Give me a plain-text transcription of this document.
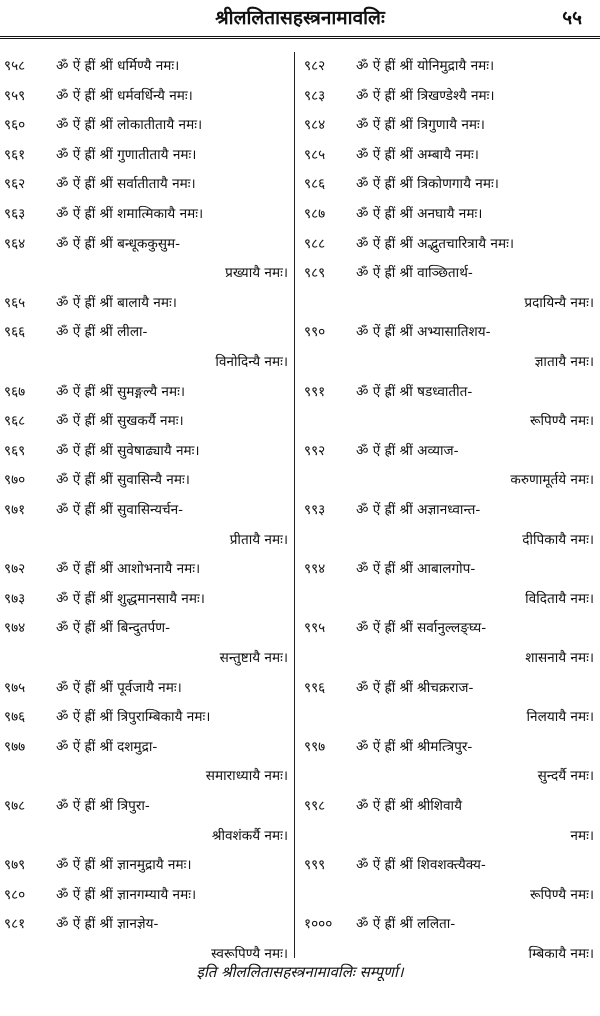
श्रीललितासहस्त्रनामावलिः	५५
९५८	ॐ ऐं ह्रीं श्रीं धर्मिण्यै नमः।
९५९	ॐ ऐं ह्रीं श्रीं धर्मवर्धिन्यै नमः।
९६०	ॐ ऐं ह्रीं श्रीं लोकातीतायै नमः।
९६१	ॐ ऐं ह्रीं श्रीं गुणातीतायै नमः।
९६२	ॐ ऐं ह्रीं श्रीं सर्वातीतायै नमः।
९६३	ॐ ऐं ह्रीं श्रीं शमात्मिकायै नमः।
९६४	ॐ ऐं ह्रीं श्रीं बन्धूककुसुम-
प्रख्यायै नमः।
९६५	ॐ ऐं ह्रीं श्रीं बालायै नमः।
९६६	ॐ ऐं ह्रीं श्रीं लीला-
विनोदिन्यै नमः।
९६७	ॐ ऐं ह्रीं श्रीं सुमङ्गल्यै नमः।
९६८	ॐ ऐं ह्रीं श्रीं सुखकर्यै नमः।
९६९	ॐ ऐं ह्रीं श्रीं सुवेषाढ्यायै नमः।
९७०	ॐ ऐं ह्रीं श्रीं सुवासिन्यै नमः।
९७१	ॐ ऐं ह्रीं श्रीं सुवासिन्यर्चन-
प्रीतायै नमः।
९७२	ॐ ऐं ह्रीं श्रीं आशोभनायै नमः।
९७३	ॐ ऐं ह्रीं श्रीं शुद्धमानसायै नमः।
९७४	ॐ ऐं ह्रीं श्रीं बिन्दुतर्पण-
सन्तुष्टायै नमः।
९७५	ॐ ऐं ह्रीं श्रीं पूर्वजायै नमः।
९७६	ॐ ऐं ह्रीं श्रीं त्रिपुराम्बिकायै नमः।
९७७	ॐ ऐं ह्रीं श्रीं दशमुद्रा-
समाराध्यायै नमः।
९७८	ॐ ऐं ह्रीं श्रीं त्रिपुरा-
श्रीवशंकर्यै नमः।
९७९	ॐ ऐं ह्रीं श्रीं ज्ञानमुद्रायै नमः।
९८०	ॐ ऐं ह्रीं श्रीं ज्ञानगम्यायै नमः।
९८१	ॐ ऐं ह्रीं श्रीं ज्ञानज्ञेय-
स्वरूपिण्यै नमः।
९८२	ॐ ऐं ह्रीं श्रीं योनिमुद्रायै नमः।
९८३	ॐ ऐं ह्रीं श्रीं त्रिखण्डेश्यै नमः।
९८४	ॐ ऐं ह्रीं श्रीं त्रिगुणायै नमः।
९८५	ॐ ऐं ह्रीं श्रीं अम्बायै नमः।
९८६	ॐ ऐं ह्रीं श्रीं त्रिकोणगायै नमः।
९८७	ॐ ऐं ह्रीं श्रीं अनघायै नमः।
९८८	ॐ ऐं ह्रीं श्रीं अद्भुतचारित्रायै नमः।
९८९	ॐ ऐं ह्रीं श्रीं वाञ्छितार्थ-
प्रदायिन्यै नमः।
९९०	ॐ ऐं ह्रीं श्रीं अभ्यासातिशय-
ज्ञातायै नमः।
९९१	ॐ ऐं ह्रीं श्रीं षडध्वातीत-
रूपिण्यै नमः।
९९२	ॐ ऐं ह्रीं श्रीं अव्याज-
करुणामूर्तये नमः।
९९३	ॐ ऐं ह्रीं श्रीं अज्ञानध्वान्त-
दीपिकायै नमः।
९९४	ॐ ऐं ह्रीं श्रीं आबालगोप-
विदितायै नमः।
९९५	ॐ ऐं ह्रीं श्रीं सर्वानुल्लङ्घ्य-
शासनायै नमः।
९९६	ॐ ऐं ह्रीं श्रीं श्रीचक्रराज-
निलयायै नमः।
९९७	ॐ ऐं ह्रीं श्रीं श्रीमत्त्रिपुर-
सुन्दर्यै नमः।
९९८	ॐ ऐं ह्रीं श्रीं श्रीशिवायै
नमः।
९९९	ॐ ऐं ह्रीं श्रीं शिवशक्त्यैक्य-
रूपिण्यै नमः।
१०००	ॐ ऐं ह्रीं श्रीं ललिता-
म्बिकायै नमः।
इति श्रीललितासहस्त्रनामावलिः सम्पूर्णा।
